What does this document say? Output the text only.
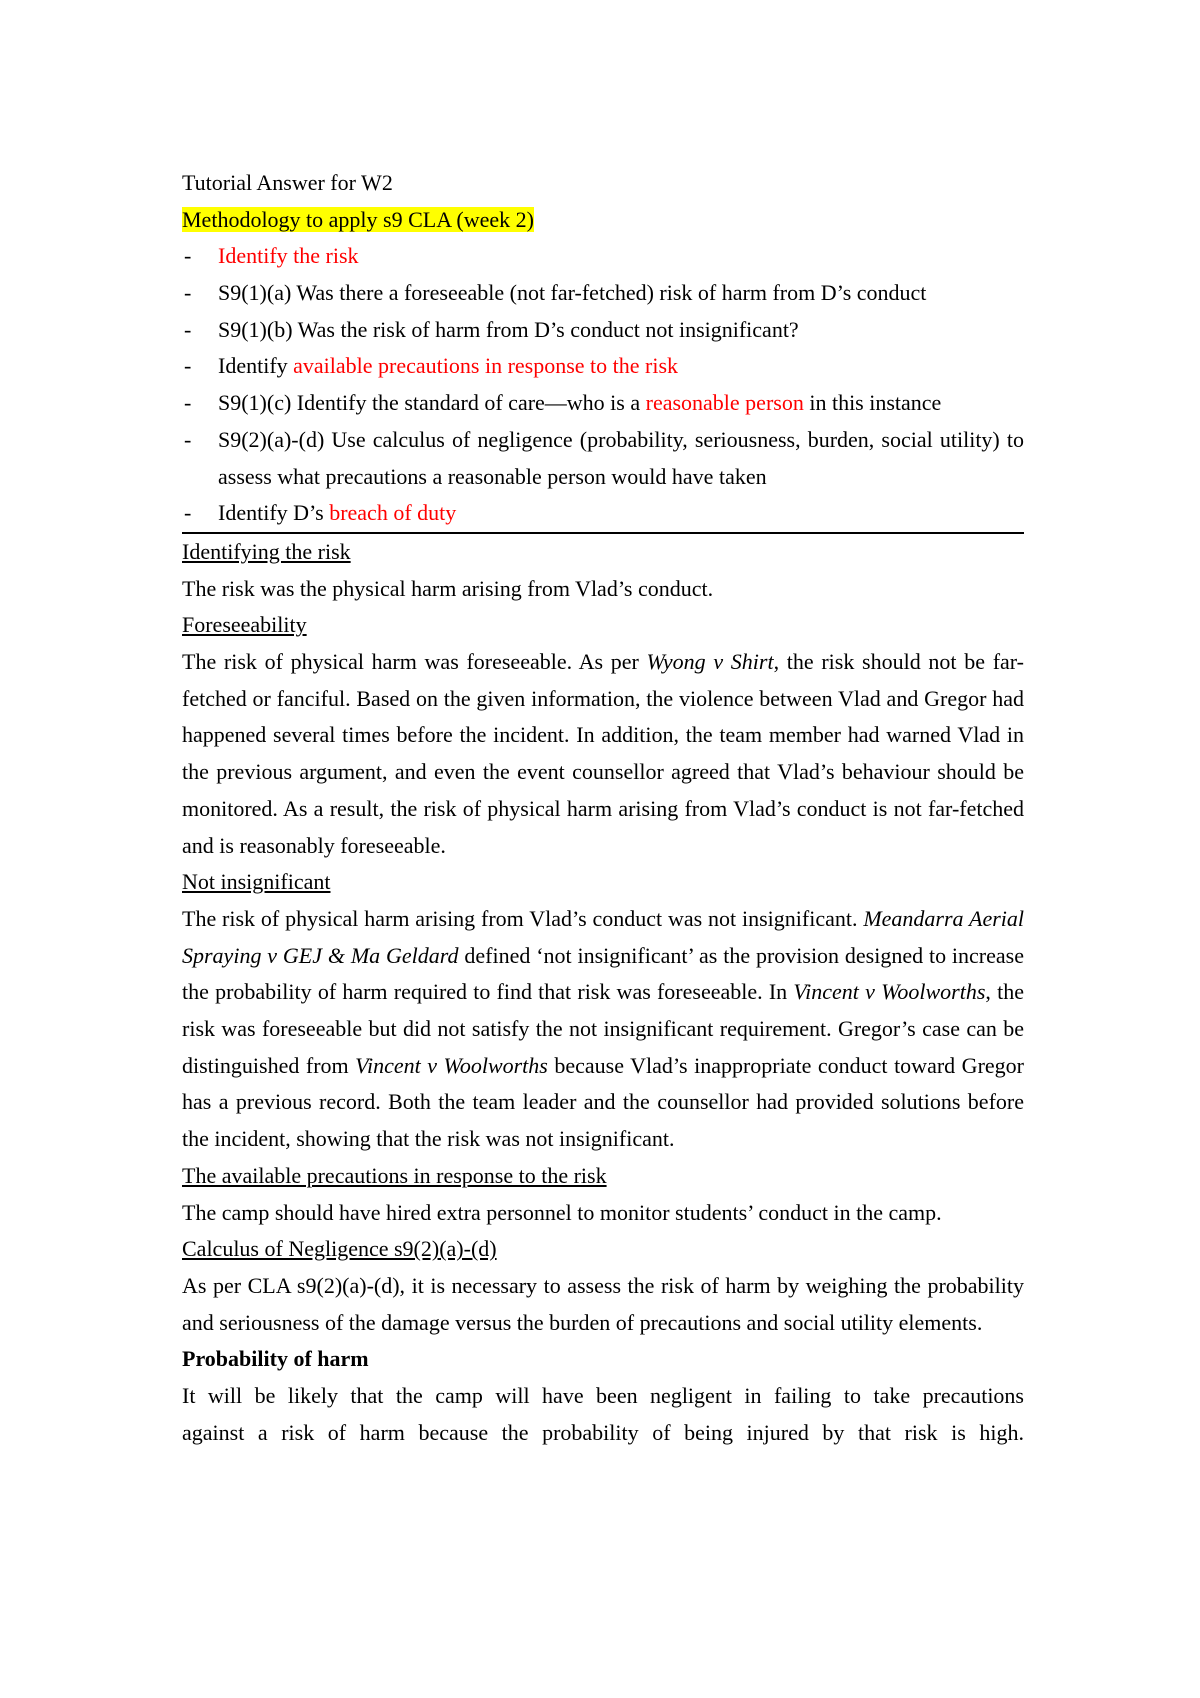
Tutorial Answer for W2
Methodology to apply s9 CLA (week 2)
- Identify the risk
- S9(1)(a) Was there a foreseeable (not far-fetched) risk of harm from D’s conduct
- S9(1)(b) Was the risk of harm from D’s conduct not insignificant?
- Identify available precautions in response to the risk
- S9(1)(c) Identify the standard of care—who is a reasonable person in this instance
- S9(2)(a)-(d) Use calculus of negligence (probability, seriousness, burden, social utility) to assess what precautions a reasonable person would have taken
- Identify D’s breach of duty
Identifying the risk
The risk was the physical harm arising from Vlad’s conduct.
Foreseeability

The risk of physical harm was foreseeable. As per Wyong v Shirt, the risk should not be far-fetched or fanciful. Based on the given information, the violence between Vlad and Gregor had happened several times before the incident. In addition, the team member had warned Vlad in the previous argument, and even the event counsellor agreed that Vlad’s behaviour should be monitored. As a result, the risk of physical harm arising from Vlad’s conduct is not far-fetched and is reasonably foreseeable.

Not insignificant

The risk of physical harm arising from Vlad’s conduct was not insignificant. Meandarra Aerial Spraying v GEJ & Ma Geldard defined ‘not insignificant’ as the provision designed to increase the probability of harm required to find that risk was foreseeable. In Vincent v Woolworths, the risk was foreseeable but did not satisfy the not insignificant requirement. Gregor’s case can be distinguished from Vincent v Woolworths because Vlad’s inappropriate conduct toward Gregor has a previous record. Both the team leader and the counsellor had provided solutions before the incident, showing that the risk was not insignificant.

The available precautions in response to the risk
The camp should have hired extra personnel to monitor students’ conduct in the camp.
Calculus of Negligence s9(2)(a)-(d)

As per CLA s9(2)(a)-(d), it is necessary to assess the risk of harm by weighing the probability and seriousness of the damage versus the burden of precautions and social utility elements.

Probability of harm
It will be likely that the camp will have been negligent in failing to take precautions
against a risk of harm because the probability of being injured by that risk is high.
